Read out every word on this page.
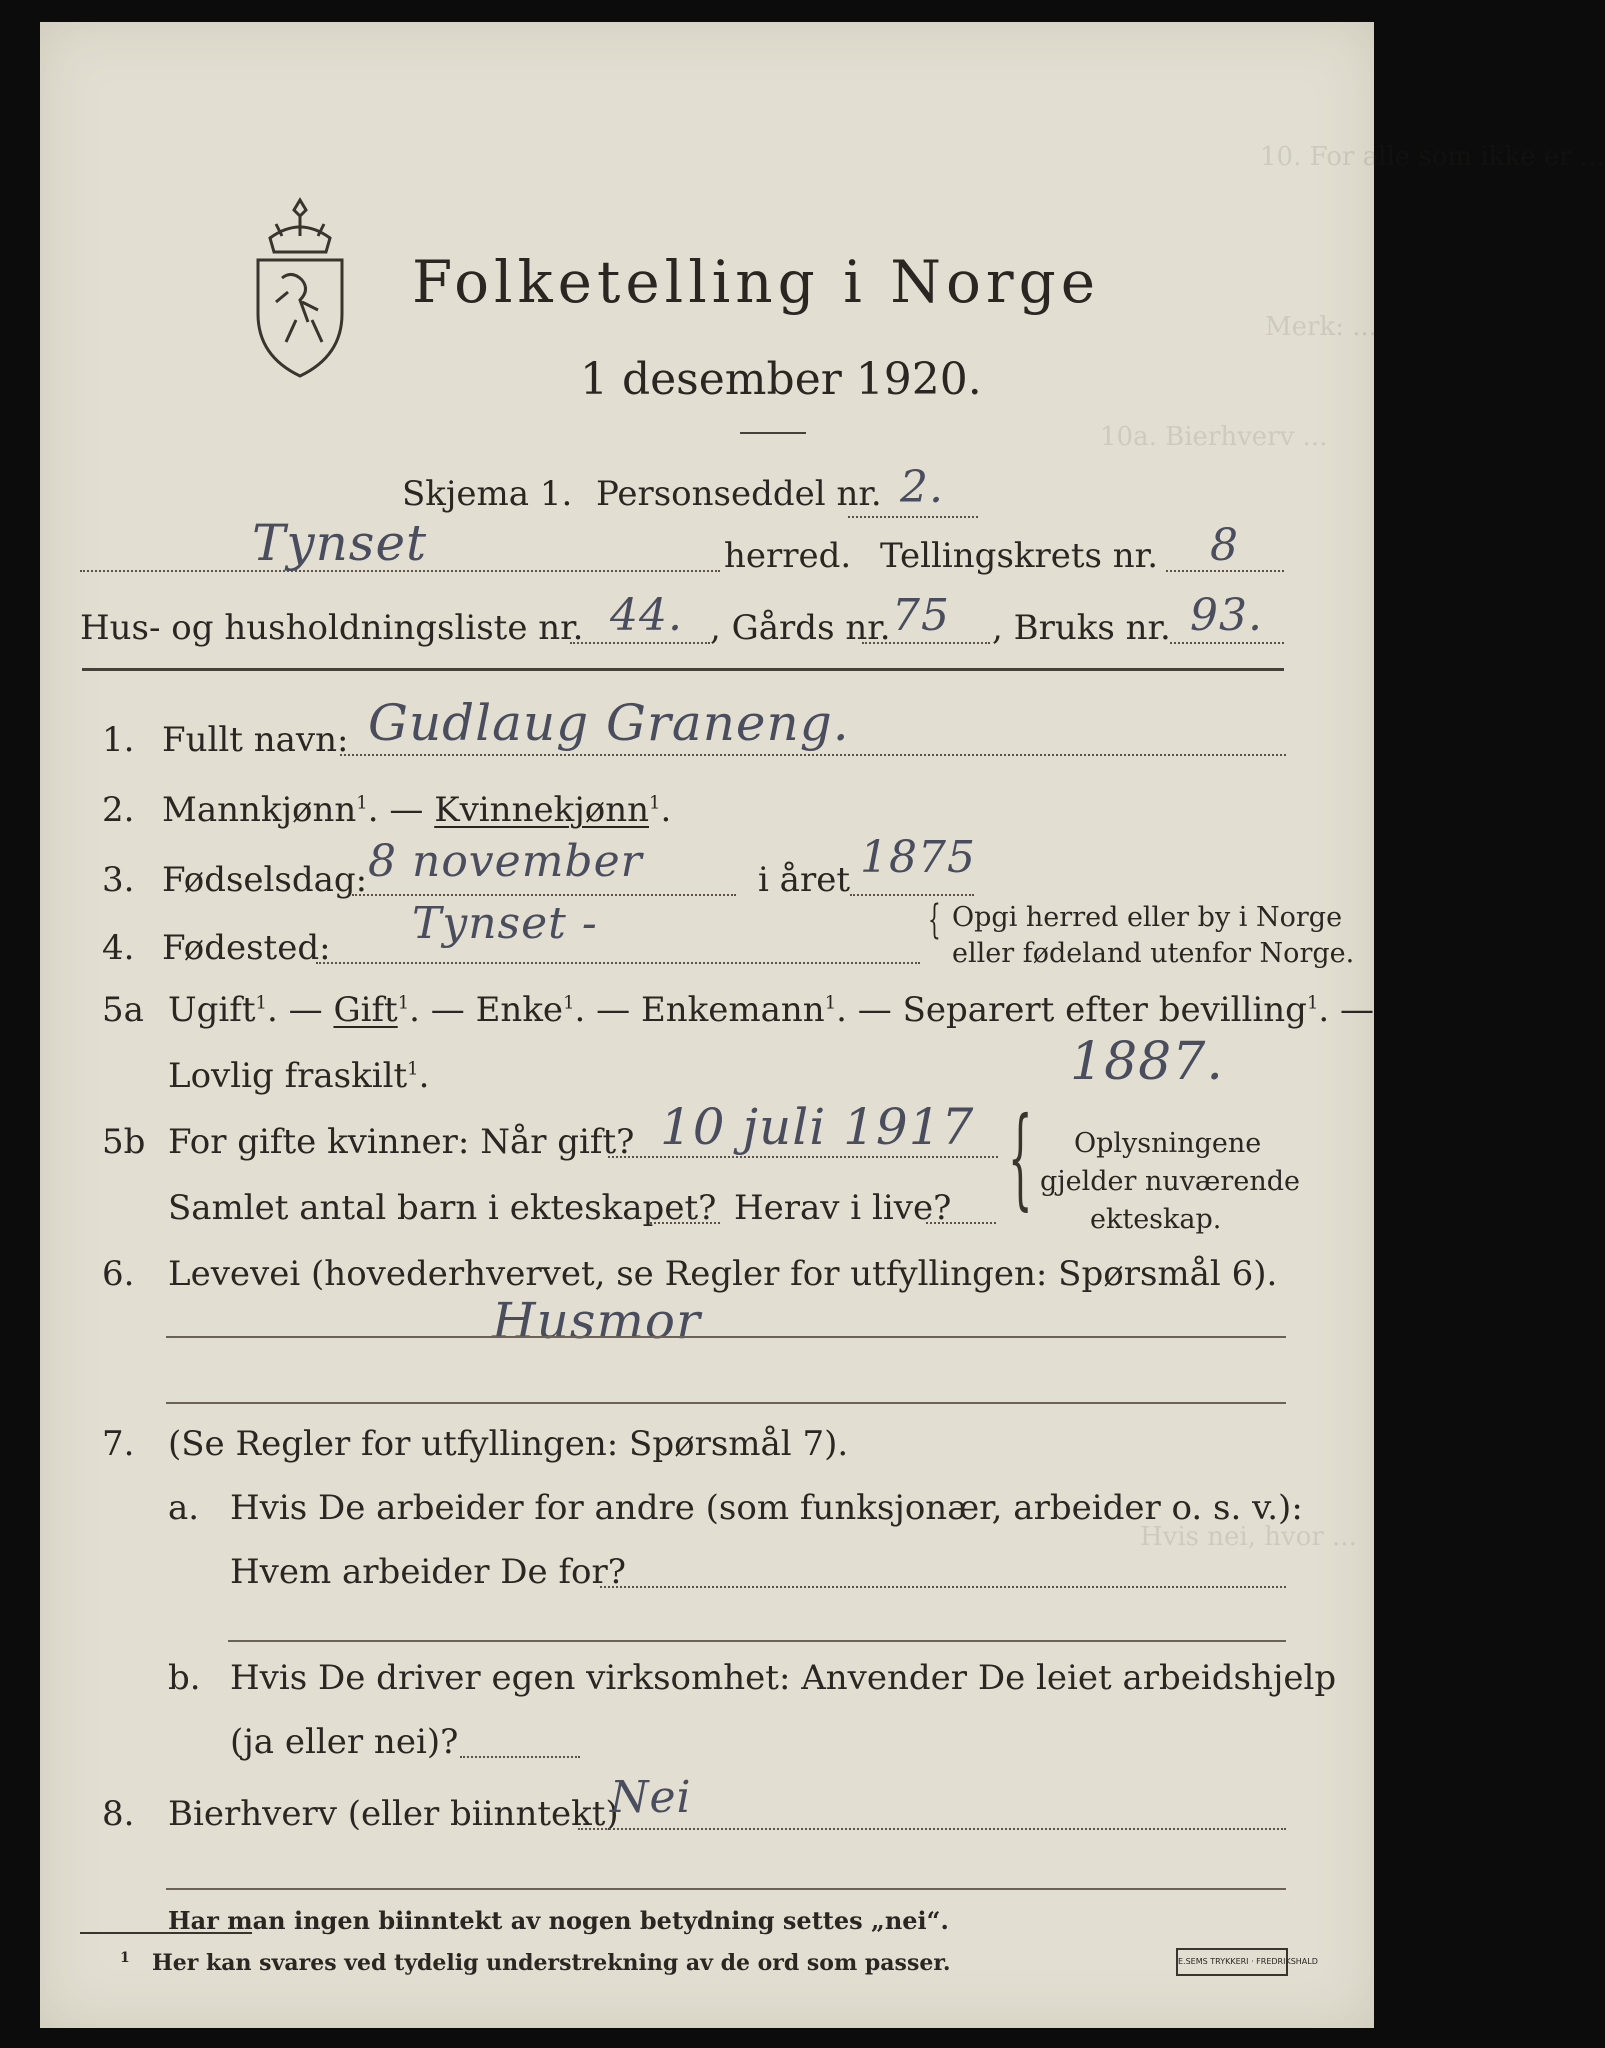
10. For alle som ikke er ...
Merk: ...
10a. Bierhverv ...
Hvis nei, hvor ...
Folketelling i Norge
1 desember 1920.
Skjema 1. Personseddel nr. 2.
Tynset	herred. Tellingskrets nr. 8
Hus- og husholdningsliste nr. 44. , Gårds nr. 75 , Bruks nr. 93.
1. Fullt navn: Gudlaug Graneng.
2. Mannkjønn$^1$. — Kvinnekjønn$^1$.
3. Fødselsdag: 8 november	i året 1875
4. Fødested: Tynset -	{ Opgi herred eller by i Norge
eller fødeland utenfor Norge.
5a Ugift$^1$. — Gift$^1$. — Enke$^1$. — Enkemann$^1$. — Separert efter bevilling$^1$. —
Lovlig fraskilt$^1$.	1887.
5b For gifte kvinner: Når gift? 10 juli 1917
Samlet antal barn i ekteskapet? Herav i live? { Oplysningene
gjelder nuværende
ekteskap.
6. Levevei (hovederhvervet, se Regler for utfyllingen: Spørsmål 6).
Husmor
7. (Se Regler for utfyllingen: Spørsmål 7).
a. Hvis De arbeider for andre (som funksjonær, arbeider o. s. v.):
Hvem arbeider De for?
b. Hvis De driver egen virksomhet: Anvender De leiet arbeidshjelp
(ja eller nei)?
8. Bierhverv (eller biinntekt)
Nei
Har man ingen biinntekt av nogen betydning settes „nei“.
1 Her kan svares ved tydelig understrekning av de ord som passer.	E.SEMS TRYKKERI · FREDRIKSHALD
